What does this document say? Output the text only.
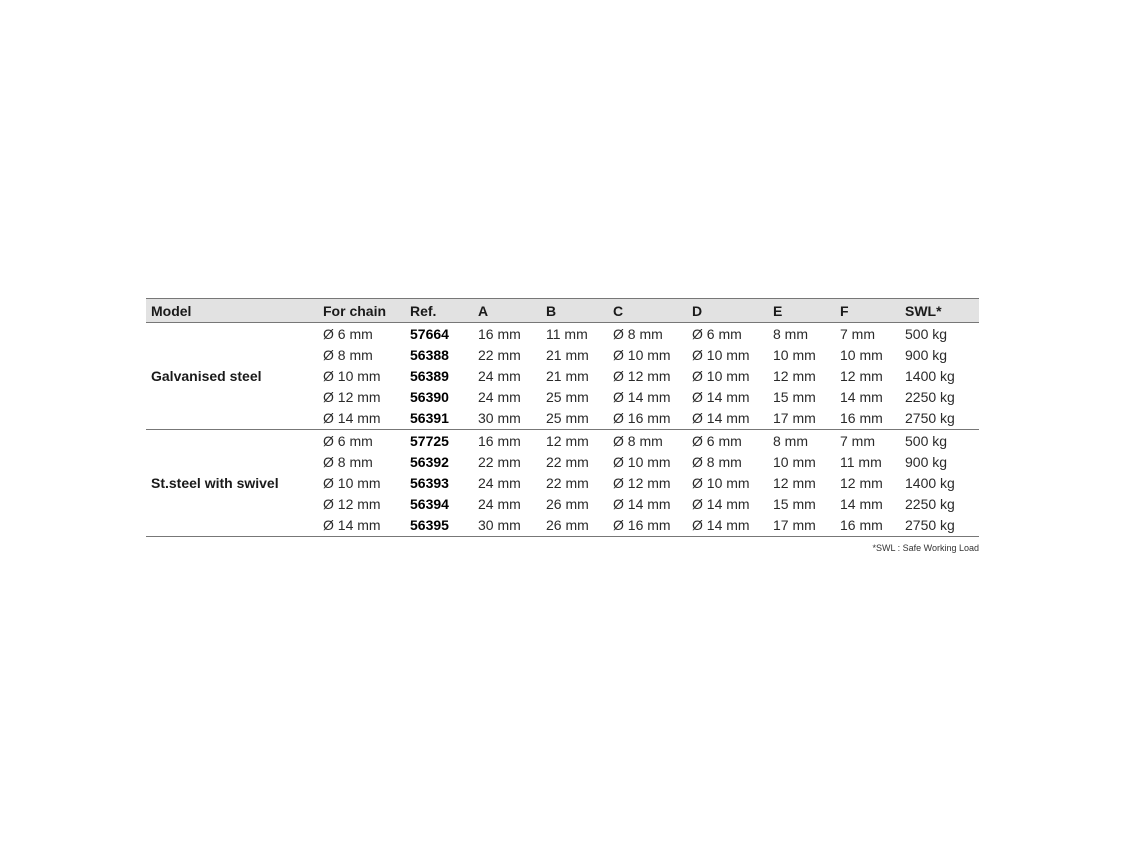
Model	For chain	Ref.	A	B	C	D	E	F	SWL*
Galvanised steel	Ø 6 mm	57664	16 mm	11 mm	Ø 8 mm	Ø 6 mm	8 mm	7 mm	500 kg
	Ø 8 mm	56388	22 mm	21 mm	Ø 10 mm	Ø 10 mm	10 mm	10 mm	900 kg
	Ø 10 mm	56389	24 mm	21 mm	Ø 12 mm	Ø 10 mm	12 mm	12 mm	1400 kg
	Ø 12 mm	56390	24 mm	25 mm	Ø 14 mm	Ø 14 mm	15 mm	14 mm	2250 kg
	Ø 14 mm	56391	30 mm	25 mm	Ø 16 mm	Ø 14 mm	17 mm	16 mm	2750 kg
St.steel with swivel	Ø 6 mm	57725	16 mm	12 mm	Ø 8 mm	Ø 6 mm	8 mm	7 mm	500 kg
	Ø 8 mm	56392	22 mm	22 mm	Ø 10 mm	Ø 8 mm	10 mm	11 mm	900 kg
	Ø 10 mm	56393	24 mm	22 mm	Ø 12 mm	Ø 10 mm	12 mm	12 mm	1400 kg
	Ø 12 mm	56394	24 mm	26 mm	Ø 14 mm	Ø 14 mm	15 mm	14 mm	2250 kg
	Ø 14 mm	56395	30 mm	26 mm	Ø 16 mm	Ø 14 mm	17 mm	16 mm	2750 kg
*SWL : Safe Working Load
